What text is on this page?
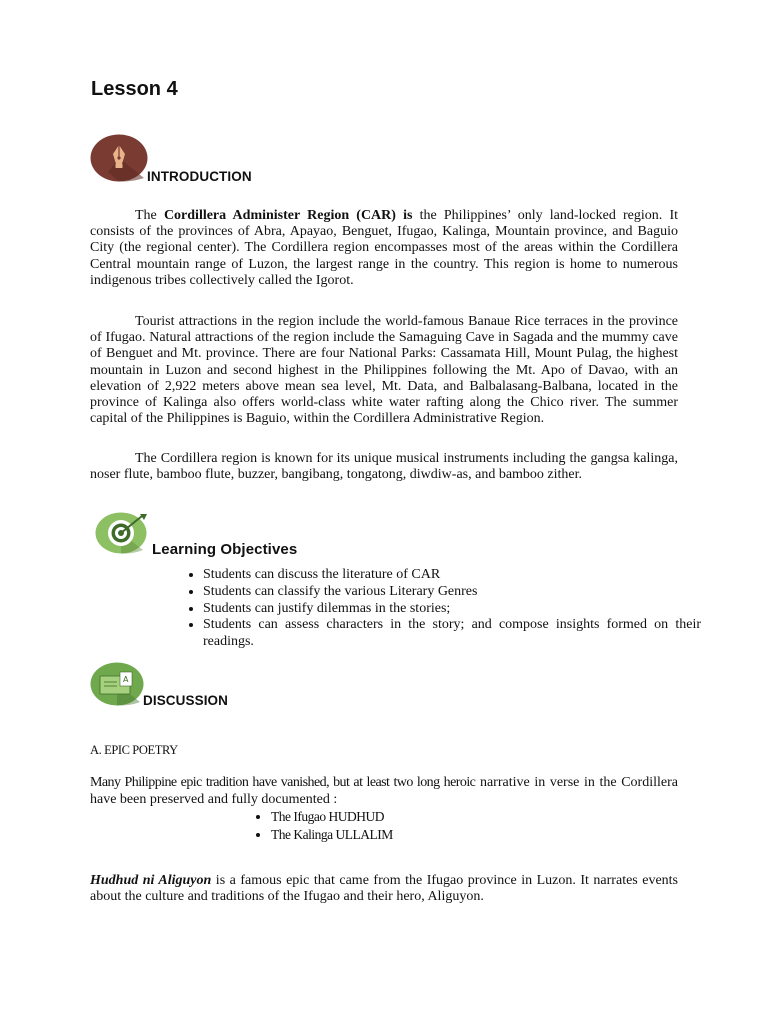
Lesson 4
INTRODUCTION

The Cordillera Administer Region (CAR) is the Philippines’ only land-locked region. It consists of the provinces of Abra, Apayao, Benguet, Ifugao, Kalinga, Mountain province, and Baguio City (the regional center). The Cordillera region encompasses most of the areas within the Cordillera Central mountain range of Luzon, the largest range in the country. This region is home to numerous indigenous tribes collectively called the Igorot.

Tourist attractions in the region include the world-famous Banaue Rice terraces in the province of Ifugao. Natural attractions of the region include the Samaguing Cave in Sagada and the mummy cave of Benguet and Mt. province. There are four National Parks: Cassamata Hill, Mount Pulag, the highest mountain in Luzon and second highest in the Philippines following the Mt. Apo of Davao, with an elevation of 2,922 meters above mean sea level, Mt. Data, and Balbalasang-Balbana, located in the province of Kalinga also offers world-class white water rafting along the Chico river. The summer capital of the Philippines is Baguio, within the Cordillera Administrative Region.

The Cordillera region is known for its unique musical instruments including the gangsa kalinga, noser flute, bamboo flute, buzzer, bangibang, tongatong, diwdiw-as, and bamboo zither.

Learning Objectives
• Students can discuss the literature of CAR
• Students can classify the various Literary Genres
• Students can justify dilemmas in the stories;
• Students can assess characters in the story; and compose insights formed on their readings.
A
DISCUSSION

A. EPIC POETRY

Many Philippine epic tradition have vanished, but at least two long heroic narrative in verse in the Cordillera have been preserved and fully documented :

• The Ifugao HUDHUD
• The Kalinga ULLALIM

Hudhud ni Aliguyon is a famous epic that came from the Ifugao province in Luzon. It narrates events about the culture and traditions of the Ifugao and their hero, Aliguyon.
